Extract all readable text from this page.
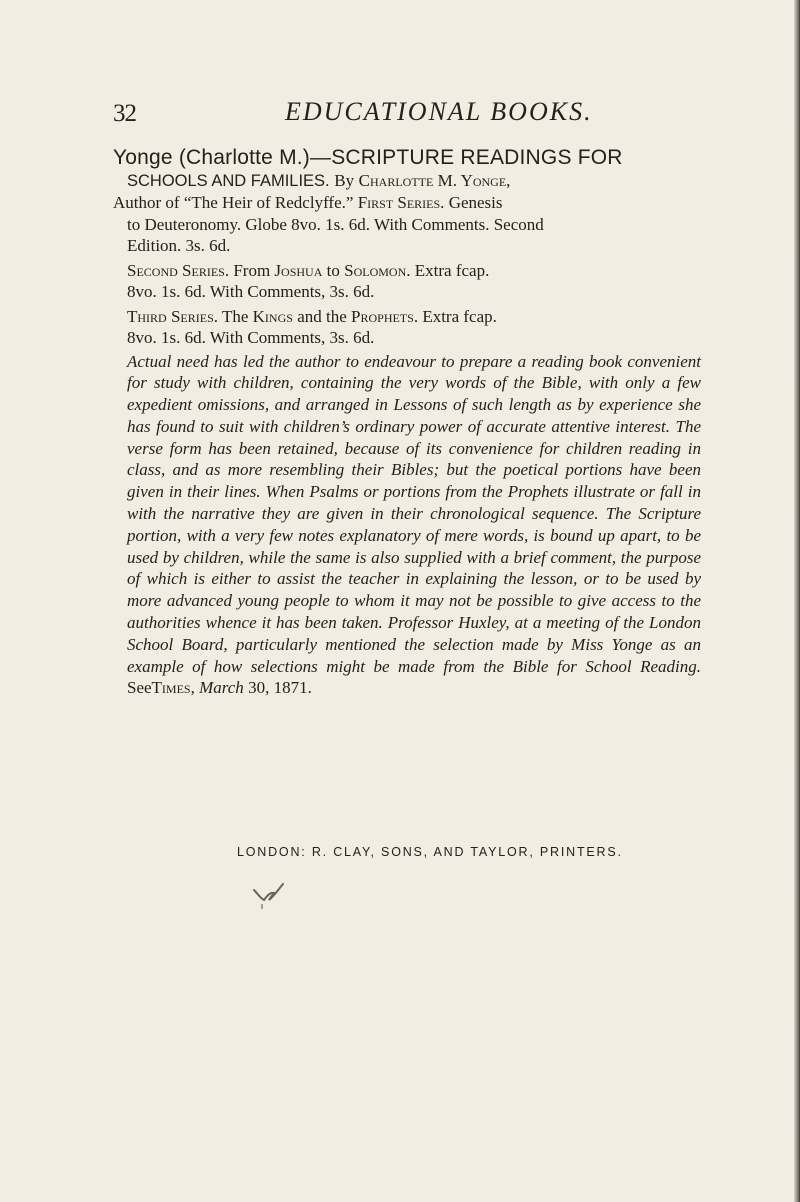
32	EDUCATIONAL BOOKS.
Yonge (Charlotte M.)—SCRIPTURE READINGS FOR
SCHOOLS AND FAMILIES. By Charlotte M. Yonge,
Author of “The Heir of Redclyffe.” First Series. Genesis
to Deuteronomy. Globe 8vo. 1s. 6d. With Comments. Second
Edition. 3s. 6d.
Second Series. From Joshua to Solomon. Extra fcap.
8vo. 1s. 6d. With Comments, 3s. 6d.
Third Series. The Kings and the Prophets. Extra fcap.
8vo. 1s. 6d. With Comments, 3s. 6d.
Actual need has led the author to endeavour to prepare a reading book convenient for study with children, containing the very words of the Bible, with only a few expedient omissions, and arranged in Lessons of such length as by experience she has found to suit with children’s ordinary power of accurate attentive interest. The verse form has been retained, because of its convenience for children reading in class, and as more resembling their Bibles; but the poetical portions have been given in their lines. When Psalms or portions from the Prophets illustrate or fall in with the narrative they are given in their chronological sequence. The Scripture portion, with a very few notes explanatory of mere words, is bound up apart, to be used by children, while the same is also supplied with a brief comment, the purpose of which is either to assist the teacher in explaining the lesson, or to be used by more advanced young people to whom it may not be possible to give access to the authorities whence it has been taken. Professor Huxley, at a meeting of the London School Board, particularly mentioned the selection made by Miss Yonge as an example of how selections might be made from the Bible for School Reading. SeeTimes, March 30, 1871.
LONDON: R. CLAY, SONS, AND TAYLOR, PRINTERS.
